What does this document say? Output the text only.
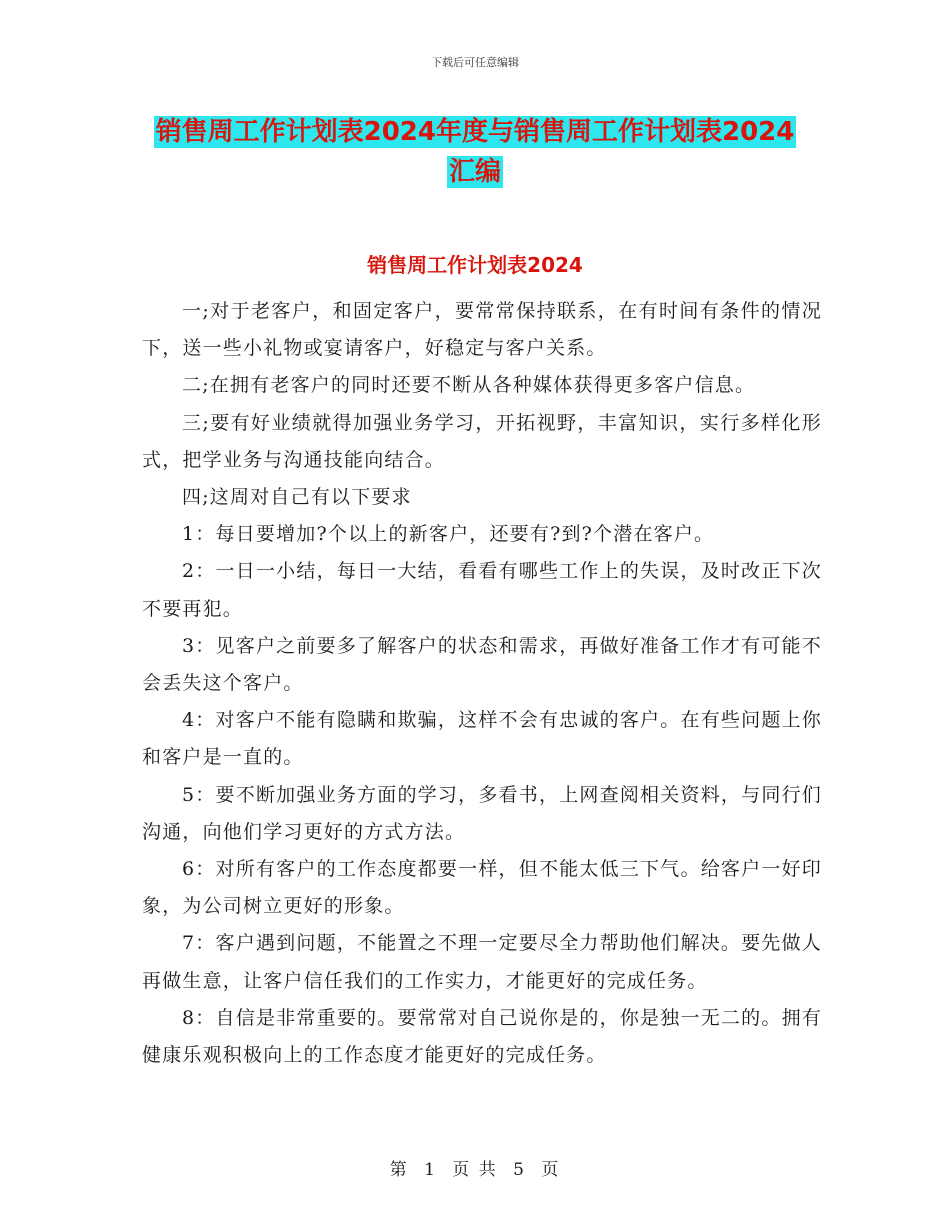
下载后可任意编辑
销售周工作计划表2024年度与销售周工作计划表2024
汇编
销售周工作计划表2024

一;对于老客户，和固定客户，要常常保持联系，在有时间有条件的情况下，送一些小礼物或宴请客户，好稳定与客户关系。

二;在拥有老客户的同时还要不断从各种媒体获得更多客户信息。

三;要有好业绩就得加强业务学习，开拓视野，丰富知识，实行多样化形式，把学业务与沟通技能向结合。

四;这周对自己有以下要求

1：每日要增加?个以上的新客户，还要有?到?个潜在客户。

2：一日一小结，每日一大结，看看有哪些工作上的失误，及时改正下次不要再犯。

3：见客户之前要多了解客户的状态和需求，再做好准备工作才有可能不会丢失这个客户。

4：对客户不能有隐瞒和欺骗，这样不会有忠诚的客户。在有些问题上你和客户是一直的。

5：要不断加强业务方面的学习，多看书，上网查阅相关资料，与同行们沟通，向他们学习更好的方式方法。

6：对所有客户的工作态度都要一样，但不能太低三下气。给客户一好印象，为公司树立更好的形象。

7：客户遇到问题，不能置之不理一定要尽全力帮助他们解决。要先做人再做生意，让客户信任我们的工作实力，才能更好的完成任务。

8：自信是非常重要的。要常常对自己说你是的，你是独一无二的。拥有健康乐观积极向上的工作态度才能更好的完成任务。

第 1 页 共 5 页
